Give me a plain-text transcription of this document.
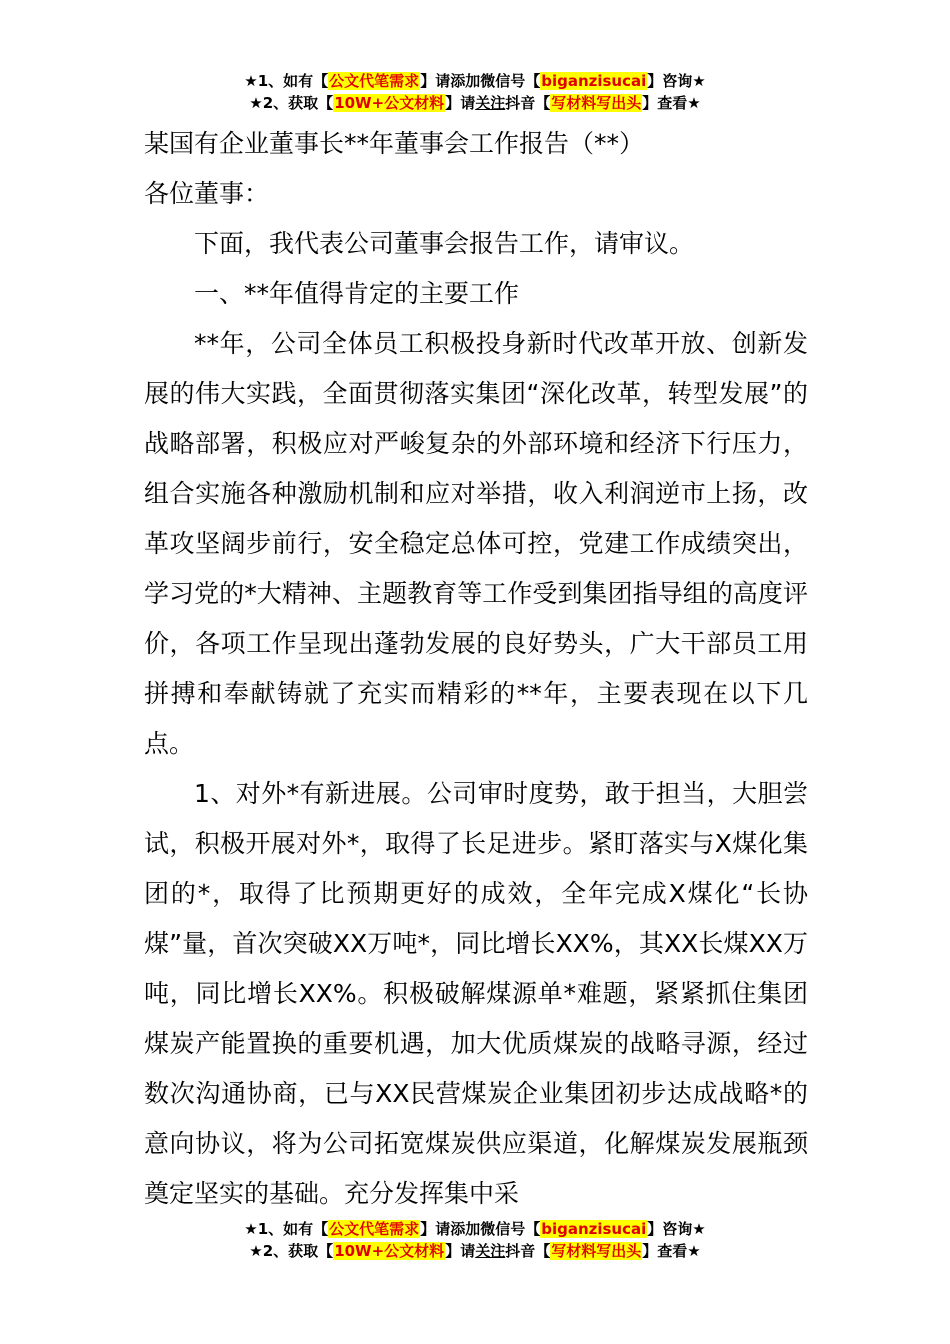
★1、如有【公文代笔需求】请添加微信号【biganzisucai】咨询★
★2、获取【10W+公文材料】请关注抖音【写材料写出头】查看★

某国有企业董事长**年董事会工作报告（**）

各位董事：

下面，我代表公司董事会报告工作，请审议。

一、**年值得肯定的主要工作

**年，公司全体员工积极投身新时代改革开放、创新发展的伟大实践，全面贯彻落实集团“深化改革，转型发展”的战略部署，积极应对严峻复杂的外部环境和经济下行压力，组合实施各种激励机制和应对举措，收入利润逆市上扬，改革攻坚阔步前行，安全稳定总体可控，党建工作成绩突出，学习党的*大精神、主题教育等工作受到集团指导组的高度评价，各项工作呈现出蓬勃发展的良好势头，广大干部员工用拼搏和奉献铸就了充实而精彩的**年，主要表现在以下几点。

1、对外*有新进展。公司审时度势，敢于担当，大胆尝试，积极开展对外*，取得了长足进步。紧盯落实与X煤化集团的*，取得了比预期更好的成效，全年完成X煤化“长协煤”量，首次突破XX万吨*，同比增长XX%，其XX长煤XX万吨，同比增长XX%。积极破解煤源单*难题，紧紧抓住集团煤炭产能置换的重要机遇，加大优质煤炭的战略寻源，经过数次沟通协商，已与XX民营煤炭企业集团初步达成战略*的意向协议，将为公司拓宽煤炭供应渠道，化解煤炭发展瓶颈奠定坚实的基础。充分发挥集中采

★1、如有【公文代笔需求】请添加微信号【biganzisucai】咨询★
★2、获取【10W+公文材料】请关注抖音【写材料写出头】查看★
